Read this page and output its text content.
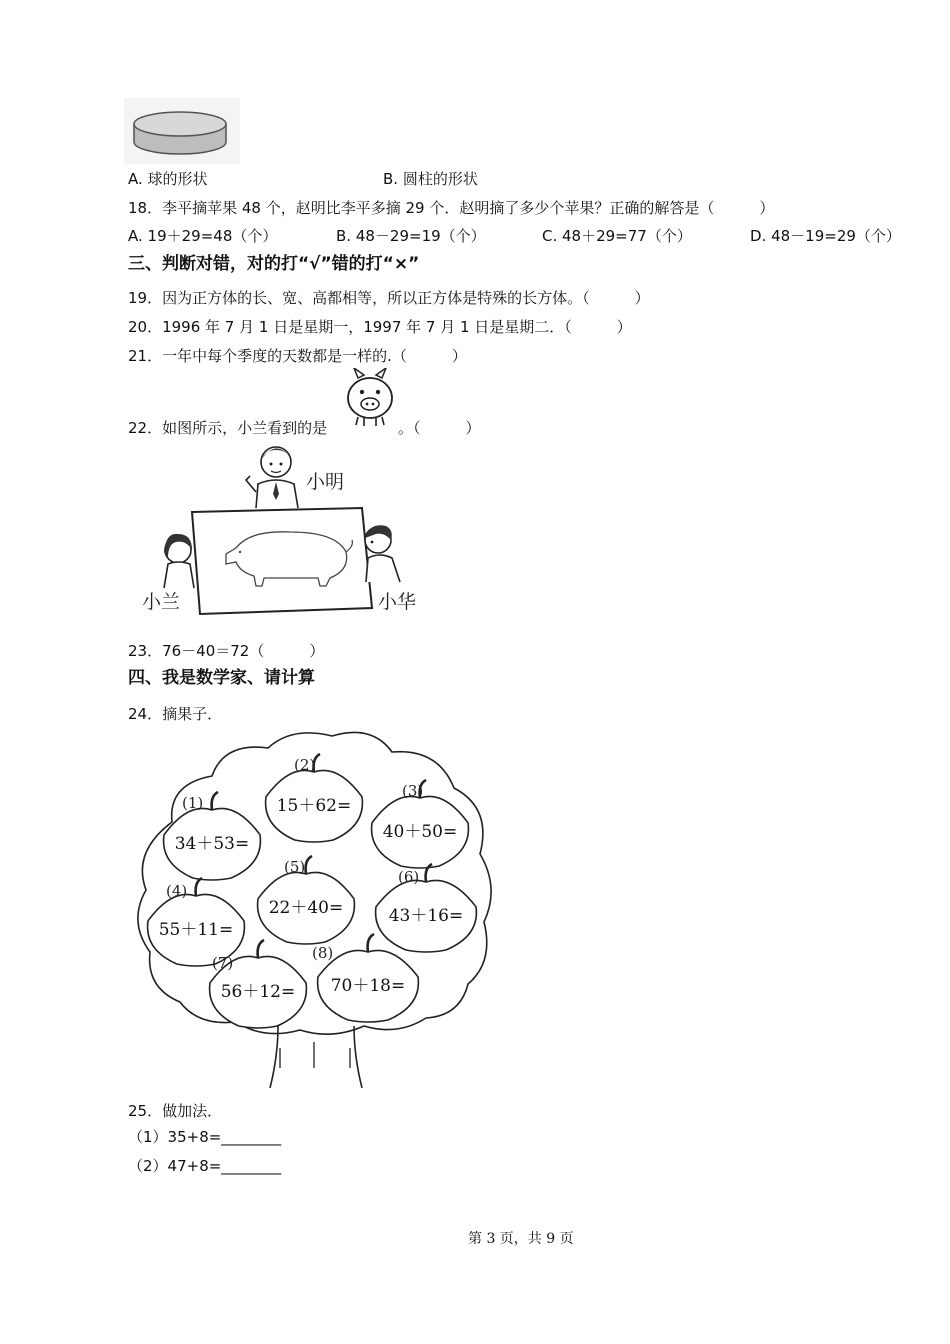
A. 球的形状	B. 圆柱的形状
18．李平摘苹果 48 个，赵明比李平多摘 29 个．赵明摘了多少个苹果？正确的解答是（　　　）
A. 19＋29=48（个）	B. 48－29=19（个）	C. 48＋29=77（个）	D. 48－19=29（个）
三、判断对错，对的打“√”错的打“×”
19．因为正方体的长、宽、高都相等，所以正方体是特殊的长方体。（　　　）
20．1996 年 7 月 1 日是星期一，1997 年 7 月 1 日是星期二．（　　　）
21．一年中每个季度的天数都是一样的.（　　　）
22．如图所示，小兰看到的是	。（　　　）
小明
小兰	小华
23．76－40＝72（　　　）
四、我是数学家、请计算
24．摘果子．
(1)
34＋53=
(2)
15＋62=
(3)
40＋50=
(4)
55＋11=
(5)
22＋40=
(6)
43＋16=
(7)
56＋12=
(8)
70＋18=
25．做加法．
（1）35+8=________
（2）47+8=________
第 3 页，共 9 页
